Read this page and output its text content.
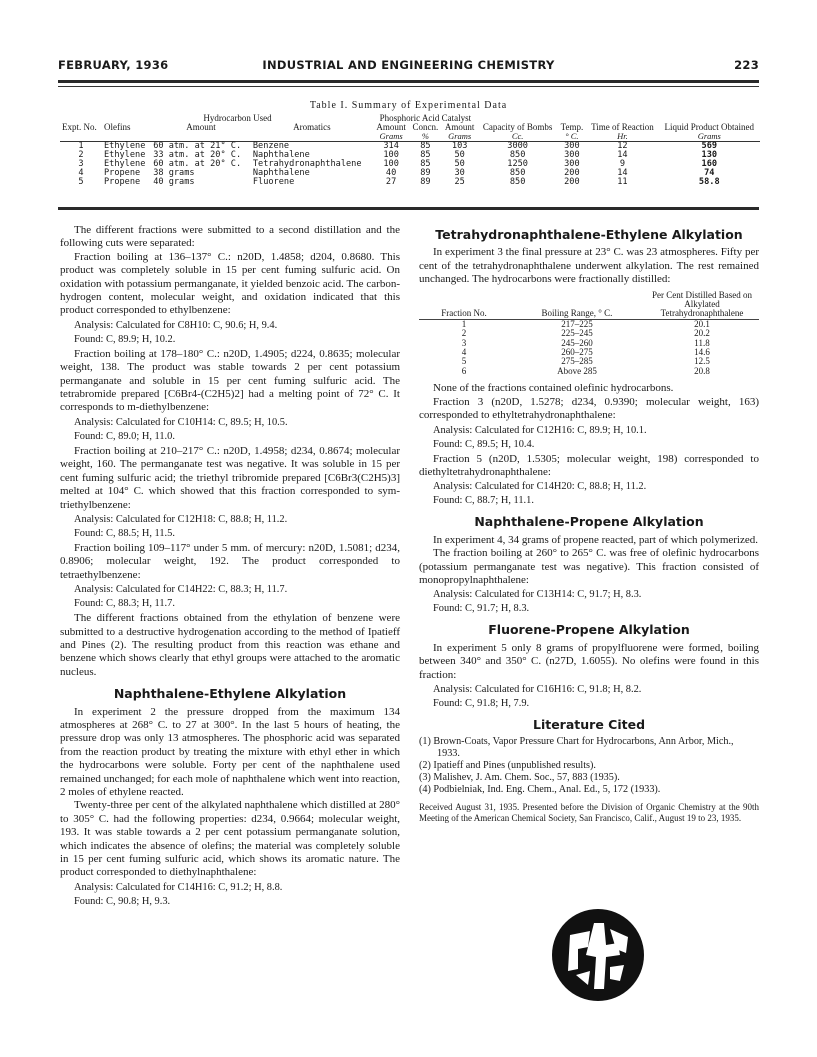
FEBRUARY, 1936	INDUSTRIAL AND ENGINEERING CHEMISTRY	223
Table I. Summary of Experimental Data
Expt. No.	Hydrocarbon Used			Phosphoric Acid Catalyst			Capacity of Bombs	Temp.	Time of Reaction	Liquid Product Obtained
	Olefins	Amount	Aromatics	Amount	Concn.	Amount				
				Grams	%	Grams	Cc.	° C.	Hr.	Grams
1	Ethylene	60 atm. at 21° C.	Benzene	314	85	103	3000	300	12	569
2	Ethylene	33 atm. at 20° C.	Naphthalene	100	85	50	850	300	14	130
3	Ethylene	60 atm. at 20° C.	Tetrahydronaphthalene	100	85	50	1250	300	9	160
4	Propene	38 grams	Naphthalene	40	89	30	850	200	14	74
5	Propene	40 grams	Fluorene	27	89	25	850	200	11	58.8

The different fractions were submitted to a second distillation and the following cuts were separated:

Fraction boiling at 136–137° C.: n20D, 1.4858; d204, 0.8680. This product was completely soluble in 15 per cent fuming sulfuric acid. On oxidation with potassium permanganate, it yielded benzoic acid. The carbon-hydrogen content, molecular weight, and oxidation indicated that this product corresponded to ethylbenzene:

Analysis: Calculated for C8H10: C, 90.6; H, 9.4.

Found: C, 89.9; H, 10.2.

Fraction boiling at 178–180° C.: n20D, 1.4905; d224, 0.8635; molecular weight, 138. The product was stable towards 2 per cent potassium permanganate and soluble in 15 per cent fuming sulfuric acid. The tetrabromide prepared [C6Br4-(C2H5)2] had a melting point of 72° C. It corresponds to m-diethylbenzene:

Analysis: Calculated for C10H14: C, 89.5; H, 10.5.

Found: C, 89.0; H, 11.0.

Fraction boiling at 210–217° C.: n20D, 1.4958; d234, 0.8674; molecular weight, 160. The permanganate test was negative. It was soluble in 15 per cent fuming sulfuric acid; the triethyl tribromide prepared [C6Br3(C2H5)3] melted at 104° C. which showed that this fraction corresponded to sym-triethylbenzene:

Analysis: Calculated for C12H18: C, 88.8; H, 11.2.

Found: C, 88.5; H, 11.5.

Fraction boiling 109–117° under 5 mm. of mercury: n20D, 1.5081; d234, 0.8906; molecular weight, 192. The product corresponded to tetraethylbenzene:

Analysis: Calculated for C14H22: C, 88.3; H, 11.7.

Found: C, 88.3; H, 11.7.

The different fractions obtained from the ethylation of benzene were submitted to a destructive hydrogenation according to the method of Ipatieff and Pines (2). The resulting product from this reaction was ethane and benzene which shows clearly that ethyl groups were attached to the aromatic nucleus.

Naphthalene-Ethylene Alkylation

In experiment 2 the pressure dropped from the maximum 134 atmospheres at 268° C. to 27 at 300°. In the last 5 hours of heating, the pressure drop was only 13 atmospheres. The phosphoric acid was separated from the reaction product by treating the mixture with ethyl ether in which the hydrocarbons were soluble. Forty per cent of the naphthalene used remained unchanged; for each mole of naphthalene which went into reaction, 2 moles of ethylene reacted.

Twenty-three per cent of the alkylated naphthalene which distilled at 280° to 305° C. had the following properties: d234, 0.9664; molecular weight, 193. It was stable towards a 2 per cent potassium permanganate solution, which indicates the absence of olefins; the material was completely soluble in 15 per cent fuming sulfuric acid, which shows its aromatic nature. The product corresponded to diethylnaphthalene:

Analysis: Calculated for C14H16: C, 91.2; H, 8.8.

Found: C, 90.8; H, 9.3.

Tetrahydronaphthalene-Ethylene Alkylation

In experiment 3 the final pressure at 23° C. was 23 atmospheres. Fifty per cent of the tetrahydronaphthalene underwent alkylation. The rest remained unchanged. The hydrocarbons were fractionally distilled:

Fraction No.	Boiling Range, ° C.	Per Cent Distilled Based on Alkylated Tetrahydronaphthalene
1	217–225	20.1
2	225–245	20.2
3	245–260	11.8
4	260–275	14.6
5	275–285	12.5
6	Above 285	20.8

None of the fractions contained olefinic hydrocarbons.

Fraction 3 (n20D, 1.5278; d234, 0.9390; molecular weight, 163) corresponded to ethyltetrahydronaphthalene:

Analysis: Calculated for C12H16: C, 89.9; H, 10.1.

Found: C, 89.5; H, 10.4.

Fraction 5 (n20D, 1.5305; molecular weight, 198) corresponded to diethyltetrahydronaphthalene:

Analysis: Calculated for C14H20: C, 88.8; H, 11.2.

Found: C, 88.7; H, 11.1.

Naphthalene-Propene Alkylation

In experiment 4, 34 grams of propene reacted, part of which polymerized.

The fraction boiling at 260° to 265° C. was free of olefinic hydrocarbons (potassium permanganate test was negative). This fraction consisted of monopropylnaphthalene:

Analysis: Calculated for C13H14: C, 91.7; H, 8.3.

Found: C, 91.7; H, 8.3.

Fluorene-Propene Alkylation

In experiment 5 only 8 grams of propylfluorene were formed, boiling between 340° and 350° C. (n27D, 1.6055). No olefins were found in this fraction:

Analysis: Calculated for C16H16: C, 91.8; H, 8.2.

Found: C, 91.8; H, 7.9.

Literature Cited
(1) Brown-Coats, Vapor Pressure Chart for Hydrocarbons, Ann Arbor, Mich., 1933.
(2) Ipatieff and Pines (unpublished results).
(3) Malishev, J. Am. Chem. Soc., 57, 883 (1935).
(4) Podbielniak, Ind. Eng. Chem., Anal. Ed., 5, 172 (1933).
Received August 31, 1935. Presented before the Division of Organic Chemistry at the 90th Meeting of the American Chemical Society, San Francisco, Calif., August 19 to 23, 1935.
